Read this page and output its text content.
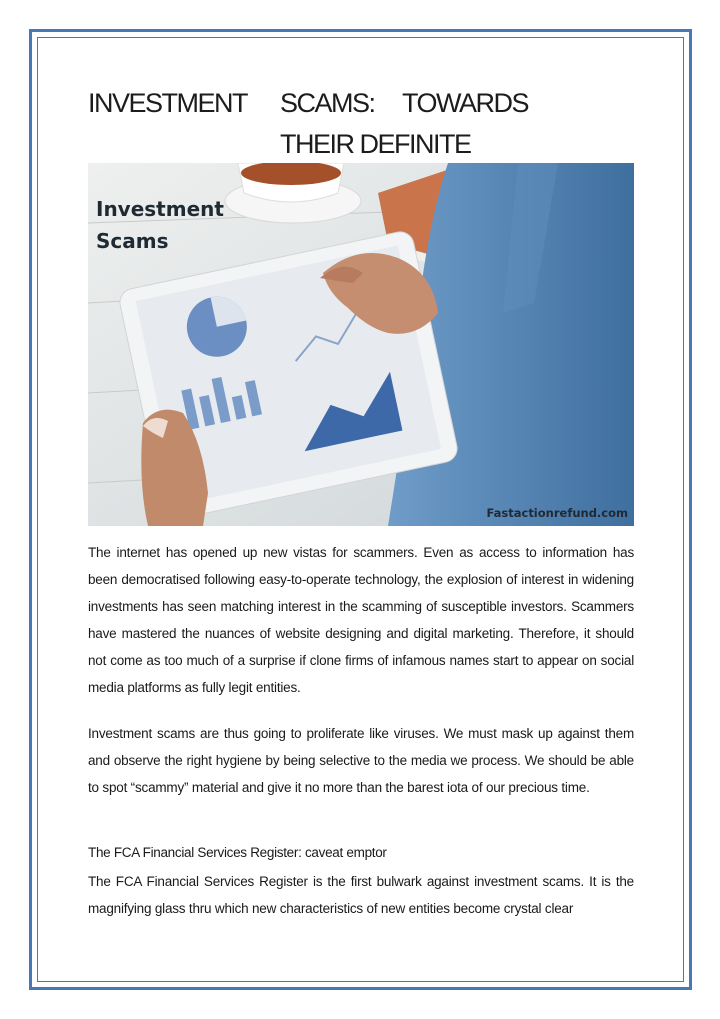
INVESTMENT	SCAMS:	TOWARDS
THEIR DEFINITE
Investment
Scams
Fastactionrefund.com
The internet has opened up new vistas for scammers. Even as access to information has been democratised following easy-to-operate technology, the explosion of interest in widening investments has seen matching interest in the scamming of susceptible investors. Scammers have mastered the nuances of website designing and digital marketing. Therefore, it should not come as too much of a surprise if clone firms of infamous names start to appear on social media platforms as fully legit entities.
Investment scams are thus going to proliferate like viruses. We must mask up against them and observe the right hygiene by being selective to the media we process. We should be able to spot “scammy” material and give it no more than the barest iota of our precious time.
The FCA Financial Services Register: caveat emptor
The FCA Financial Services Register is the first bulwark against investment scams. It is the magnifying glass thru which new characteristics of new entities become crystal clear
